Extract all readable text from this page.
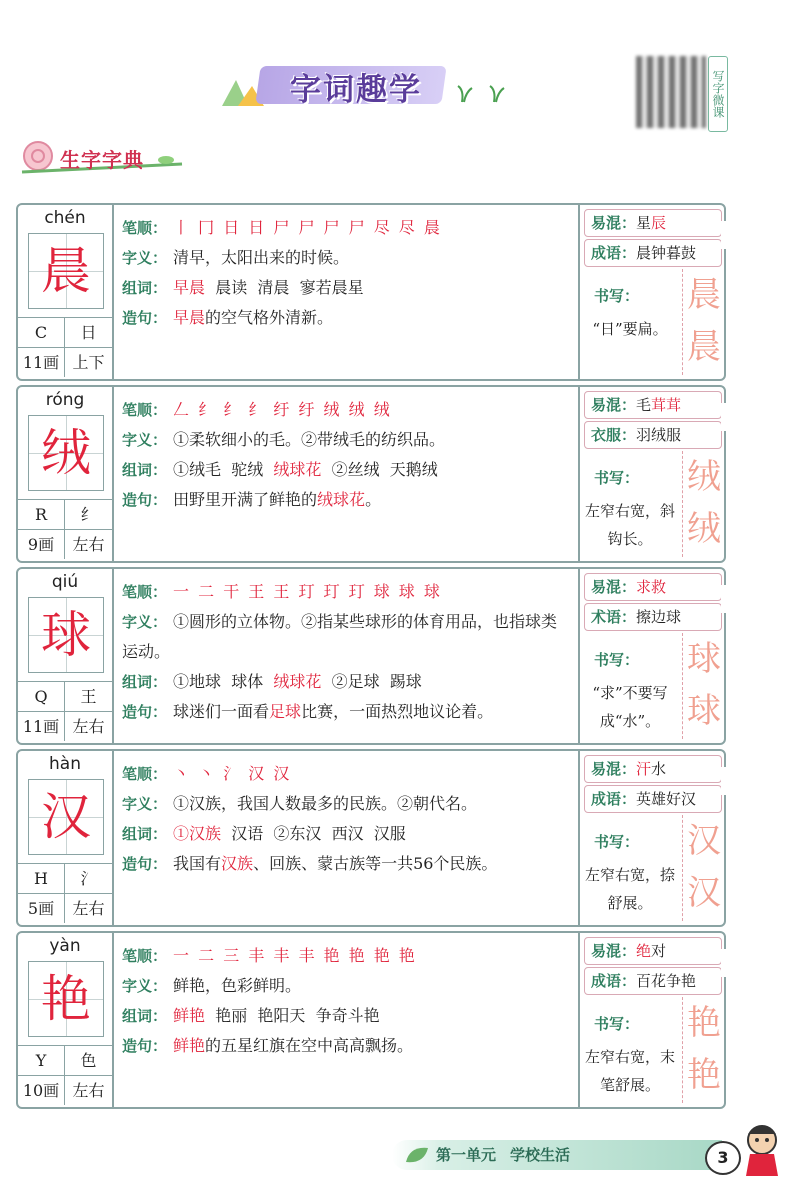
字词趣学	写字微课
生字字典
chén
晨
C	日
11画 上下
笔顺 ： 丨 冂 日 日 尸 尸 尸 尸 尽 尽 晨
字义 ： 清早，太阳出来的时候。
组词 ： 早晨 晨读 清晨 寥若晨星
造句 ： 早晨的空气格外清新。
易混：星辰
成语：晨钟暮鼓
书写：
“日”要扁。
晨
晨
róng
绒
R	纟
9画	左右
笔顺 ： 𠃋 纟 纟 纟 纡 纡 绒 绒 绒
字义 ： ①柔软细小的毛。②带绒毛的纺织品。
组词 ： ①绒毛 驼绒 绒球花 ②丝绒 天鹅绒
造句 ： 田野里开满了鲜艳的绒球花。
易混：毛茸茸
衣服：羽绒服
书写：
左窄右宽，斜钩长。
绒
绒
qiú
球
Q	王
11画 左右
笔顺 ： 一 二 干 王 王 玎 玎 玎 球 球 球
字义 ： ①圆形的立体物。②指某些球形的体育用品，也指球类运动。
组词 ： ①地球 球体 绒球花 ②足球 踢球
造句 ： 球迷们一面看足球比赛，一面热烈地议论着。
易混：求救
术语：擦边球
书写：
“求”不要写成“水”。
球
球
hàn
汉
H	氵
5画	左右
笔顺 ： 丶 丶 氵 汉 汉
字义 ： ①汉族，我国人数最多的民族。②朝代名。
组词 ： ①汉族 汉语 ②东汉 西汉 汉服
造句 ： 我国有汉族、回族、蒙古族等一共56个民族。
易混：汗水
成语：英雄好汉
书写：
左窄右宽，捺舒展。
汉
汉
yàn
艳
Y	色
10画 左右
笔顺 ： 一 二 三 丰 丰 丰 艳 艳 艳 艳
字义 ： 鲜艳，色彩鲜明。
组词 ： 鲜艳 艳丽 艳阳天 争奇斗艳
造句 ： 鲜艳的五星红旗在空中高高飘扬。
易混：绝对
成语：百花争艳
书写：
左窄右宽，末笔舒展。
艳
艳
第一单元 学校生活	3
